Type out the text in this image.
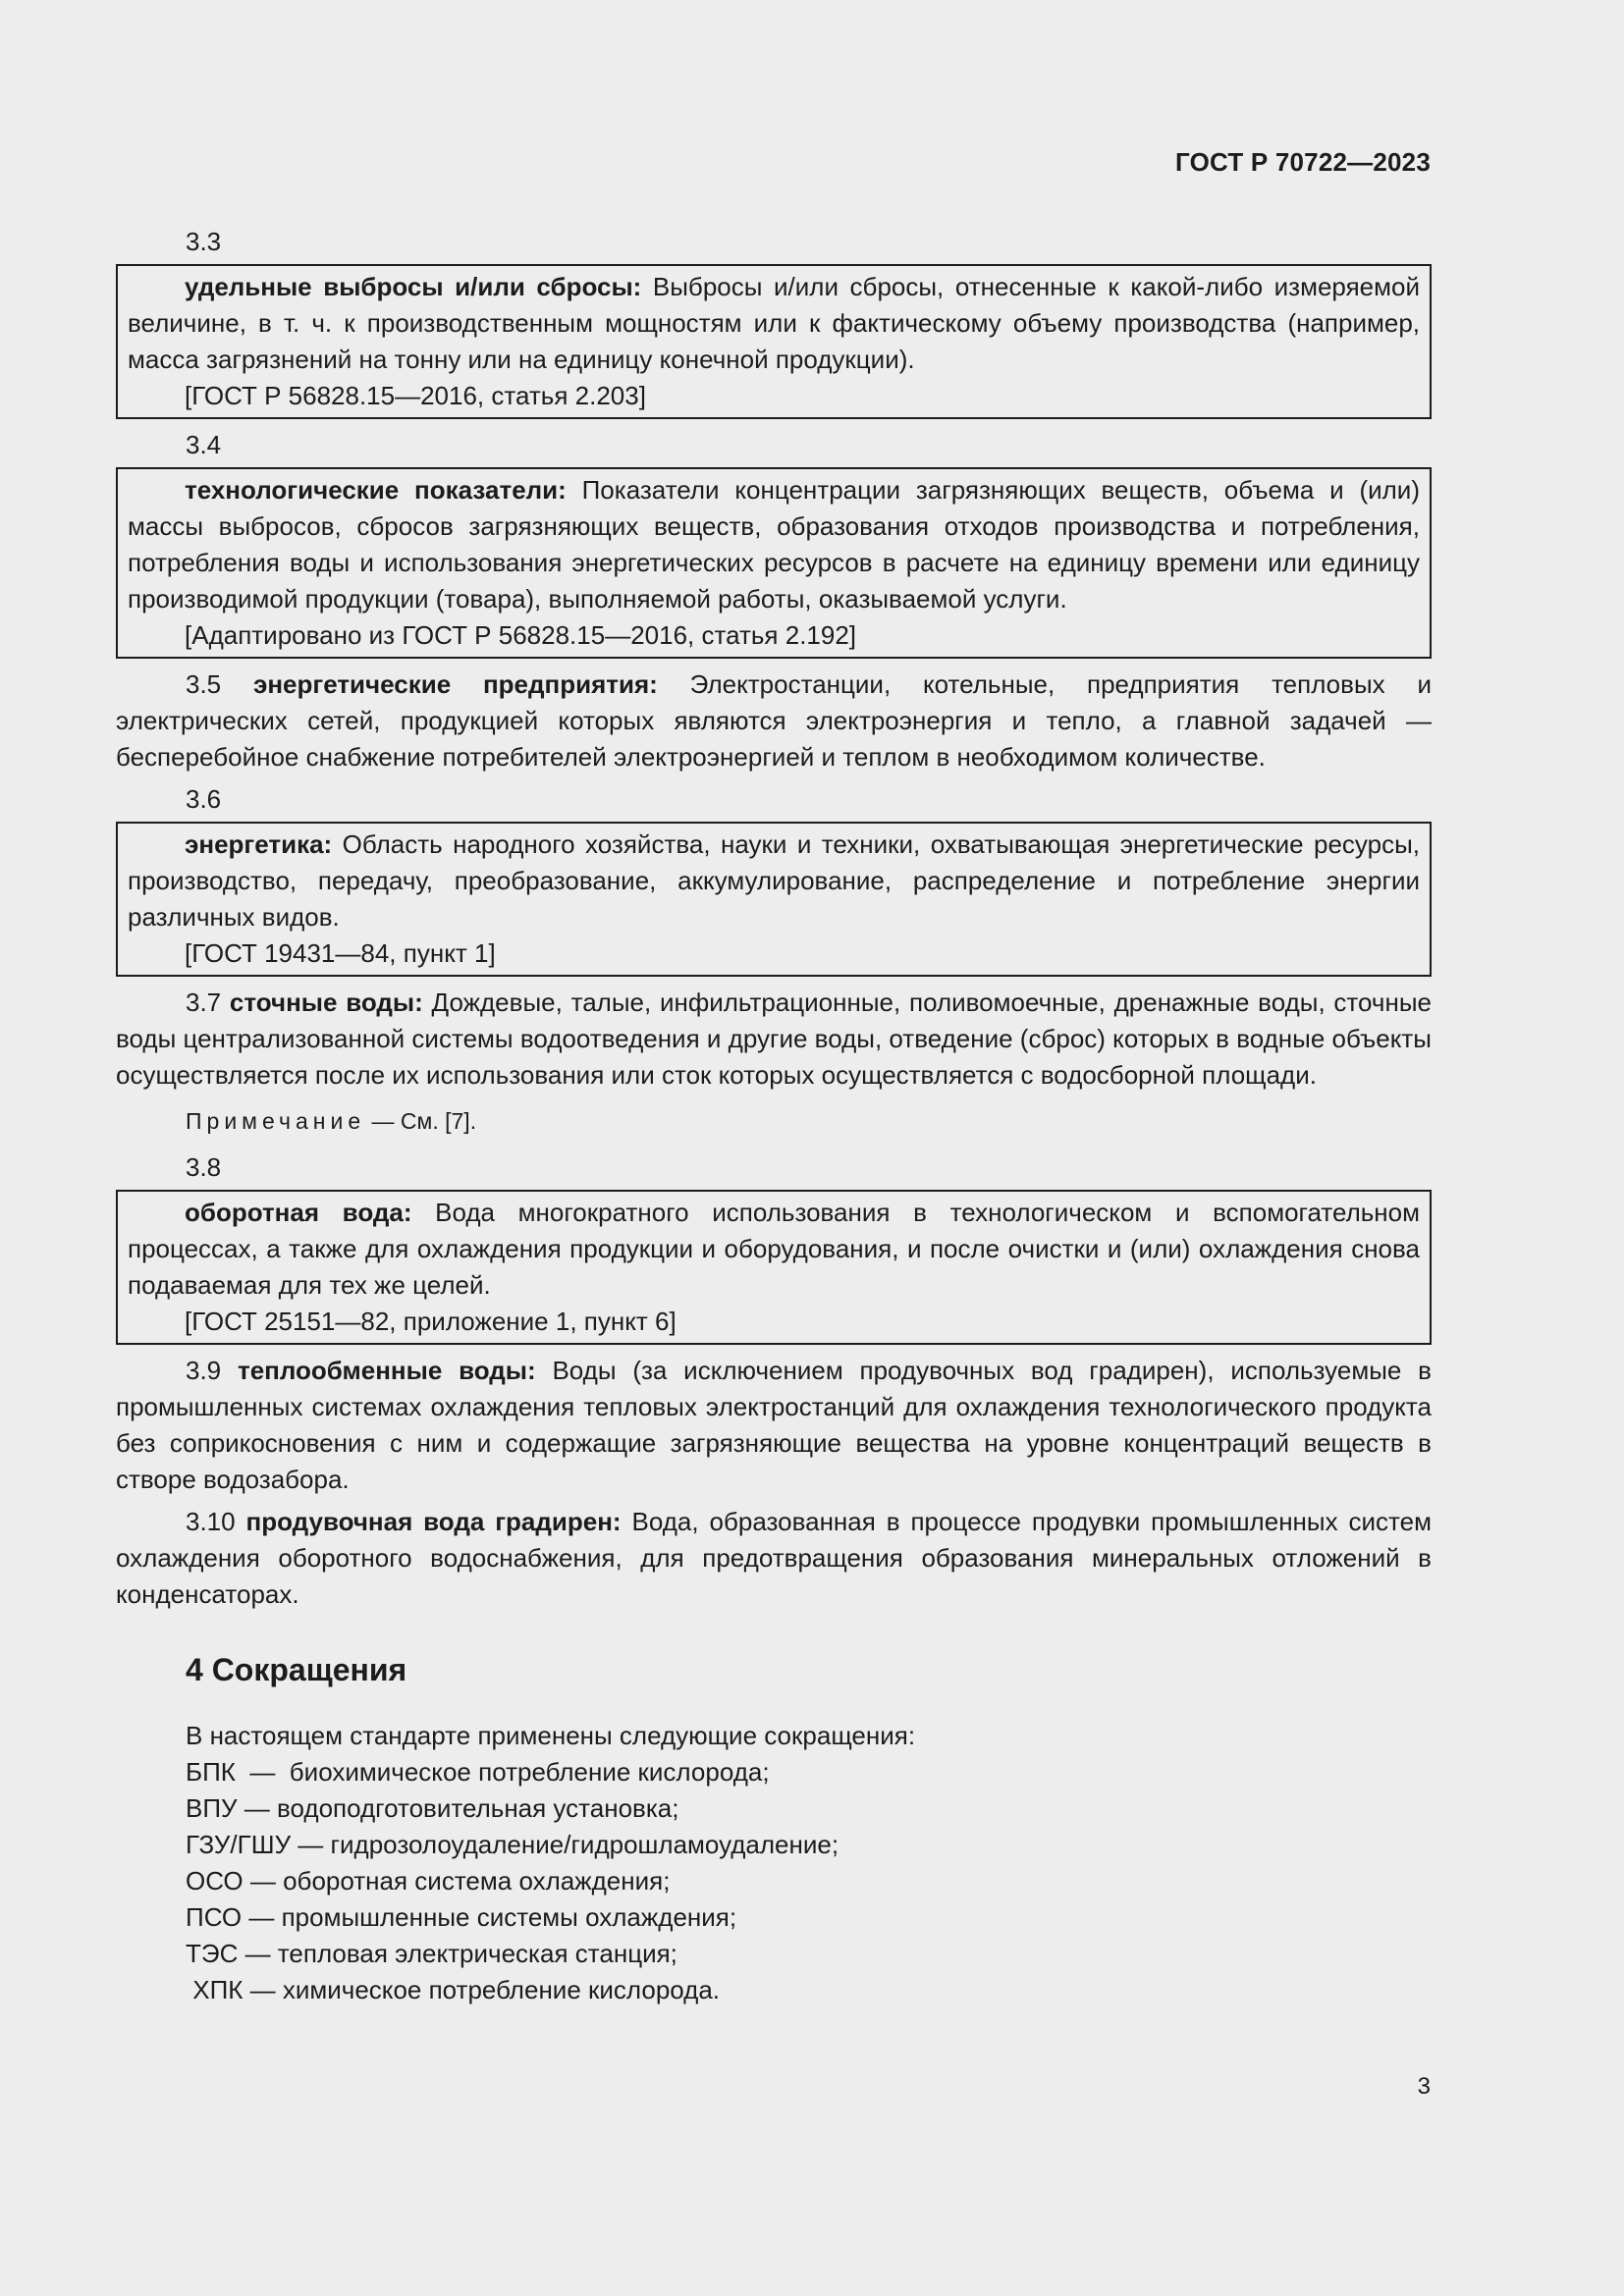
ГОСТ Р 70722—2023
3.3

удельные выбросы и/или сбросы: Выбросы и/или сбросы, отнесенные к какой-либо измеряемой величине, в т. ч. к производственным мощностям или к фактическому объему производства (например, масса загрязнений на тонну или на единицу конечной продукции).

[ГОСТ Р 56828.15—2016, статья 2.203]
3.4

технологические показатели: Показатели концентрации загрязняющих веществ, объема и (или) массы выбросов, сбросов загрязняющих веществ, образования отходов производства и потребления, потребления воды и использования энергетических ресурсов в расчете на единицу времени или единицу производимой продукции (товара), выполняемой работы, оказываемой услуги.

[Адаптировано из ГОСТ Р 56828.15—2016, статья 2.192]
3.5 энергетические предприятия: Электростанции, котельные, предприятия тепловых и электрических сетей, продукцией которых являются электроэнергия и тепло, а главной задачей — бесперебойное снабжение потребителей электроэнергией и теплом в необходимом количестве.
3.6

энергетика: Область народного хозяйства, науки и техники, охватывающая энергетические ресурсы, производство, передачу, преобразование, аккумулирование, распределение и потребление энергии различных видов.

[ГОСТ 19431—84, пункт 1]
3.7 сточные воды: Дождевые, талые, инфильтрационные, поливомоечные, дренажные воды, сточные воды централизованной системы водоотведения и другие воды, отведение (сброс) которых в водные объекты осуществляется после их использования или сток которых осуществляется с водосборной площади.
Примечание — См. [7].
3.8

оборотная вода: Вода многократного использования в технологическом и вспомогательном процессах, а также для охлаждения продукции и оборудования, и после очистки и (или) охлаждения снова подаваемая для тех же целей.

[ГОСТ 25151—82, приложение 1, пункт 6]
3.9 теплообменные воды: Воды (за исключением продувочных вод градирен), используемые в промышленных системах охлаждения тепловых электростанций для охлаждения технологического продукта без соприкосновения с ним и содержащие загрязняющие вещества на уровне концентраций веществ в створе водозабора.
3.10 продувочная вода градирен: Вода, образованная в процессе продувки промышленных систем охлаждения оборотного водоснабжения, для предотвращения образования минеральных отложений в конденсаторах.
4 Сокращения
В настоящем стандарте применены следующие сокращения:
БПК  —  биохимическое потребление кислорода;
ВПУ — водоподготовительная установка;
ГЗУ/ГШУ — гидрозолоудаление/гидрошламоудаление;
ОСО — оборотная система охлаждения;
ПСО — промышленные системы охлаждения;
ТЭС — тепловая электрическая станция;
ХПК — химическое потребление кислорода.
3
